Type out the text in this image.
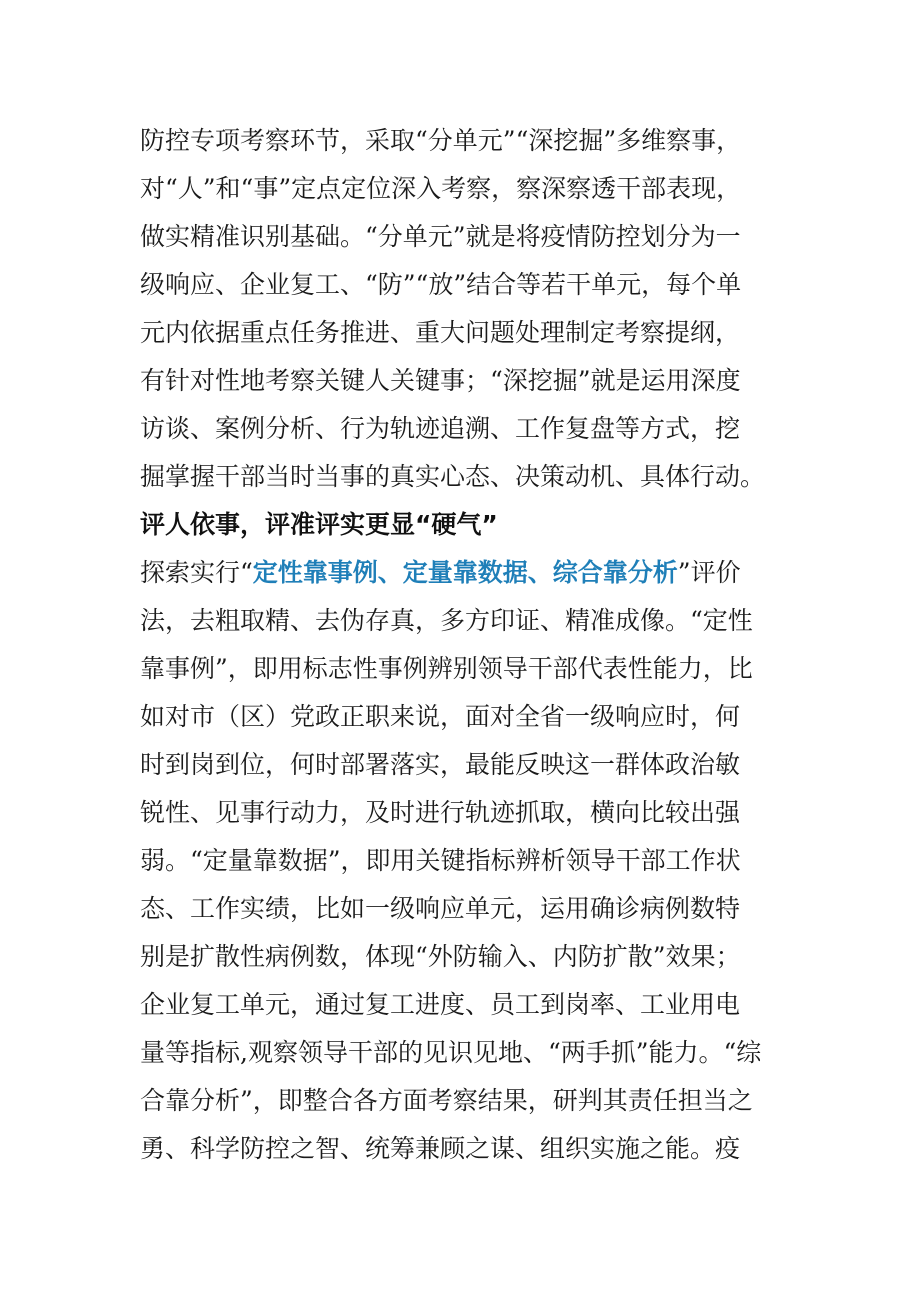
防控专项考察环节，采取“分单元”“深挖掘”多维察事，
对“人”和“事”定点定位深入考察，察深察透干部表现，
做实精准识别基础。“分单元”就是将疫情防控划分为一
级响应、企业复工、“防”“放”结合等若干单元，每个单
元内依据重点任务推进、重大问题处理制定考察提纲，
有针对性地考察关键人关键事；“深挖掘”就是运用深度
访谈、案例分析、行为轨迹追溯、工作复盘等方式，挖
掘掌握干部当时当事的真实心态、决策动机、具体行动。
评人依事，评准评实更显“硬气”
探索实行“定性靠事例、定量靠数据、综合靠分析”评价
法，去粗取精、去伪存真，多方印证、精准成像。“定性
靠事例”，即用标志性事例辨别领导干部代表性能力，比
如对市（区）党政正职来说，面对全省一级响应时，何
时到岗到位，何时部署落实，最能反映这一群体政治敏
锐性、见事行动力，及时进行轨迹抓取，横向比较出强
弱。“定量靠数据”，即用关键指标辨析领导干部工作状
态、工作实绩，比如一级响应单元，运用确诊病例数特
别是扩散性病例数，体现“外防输入、内防扩散”效果；
企业复工单元，通过复工进度、员工到岗率、工业用电
量等指标,观察领导干部的见识见地、“两手抓”能力。“综
合靠分析”，即整合各方面考察结果，研判其责任担当之
勇、科学防控之智、统筹兼顾之谋、组织实施之能。疫
